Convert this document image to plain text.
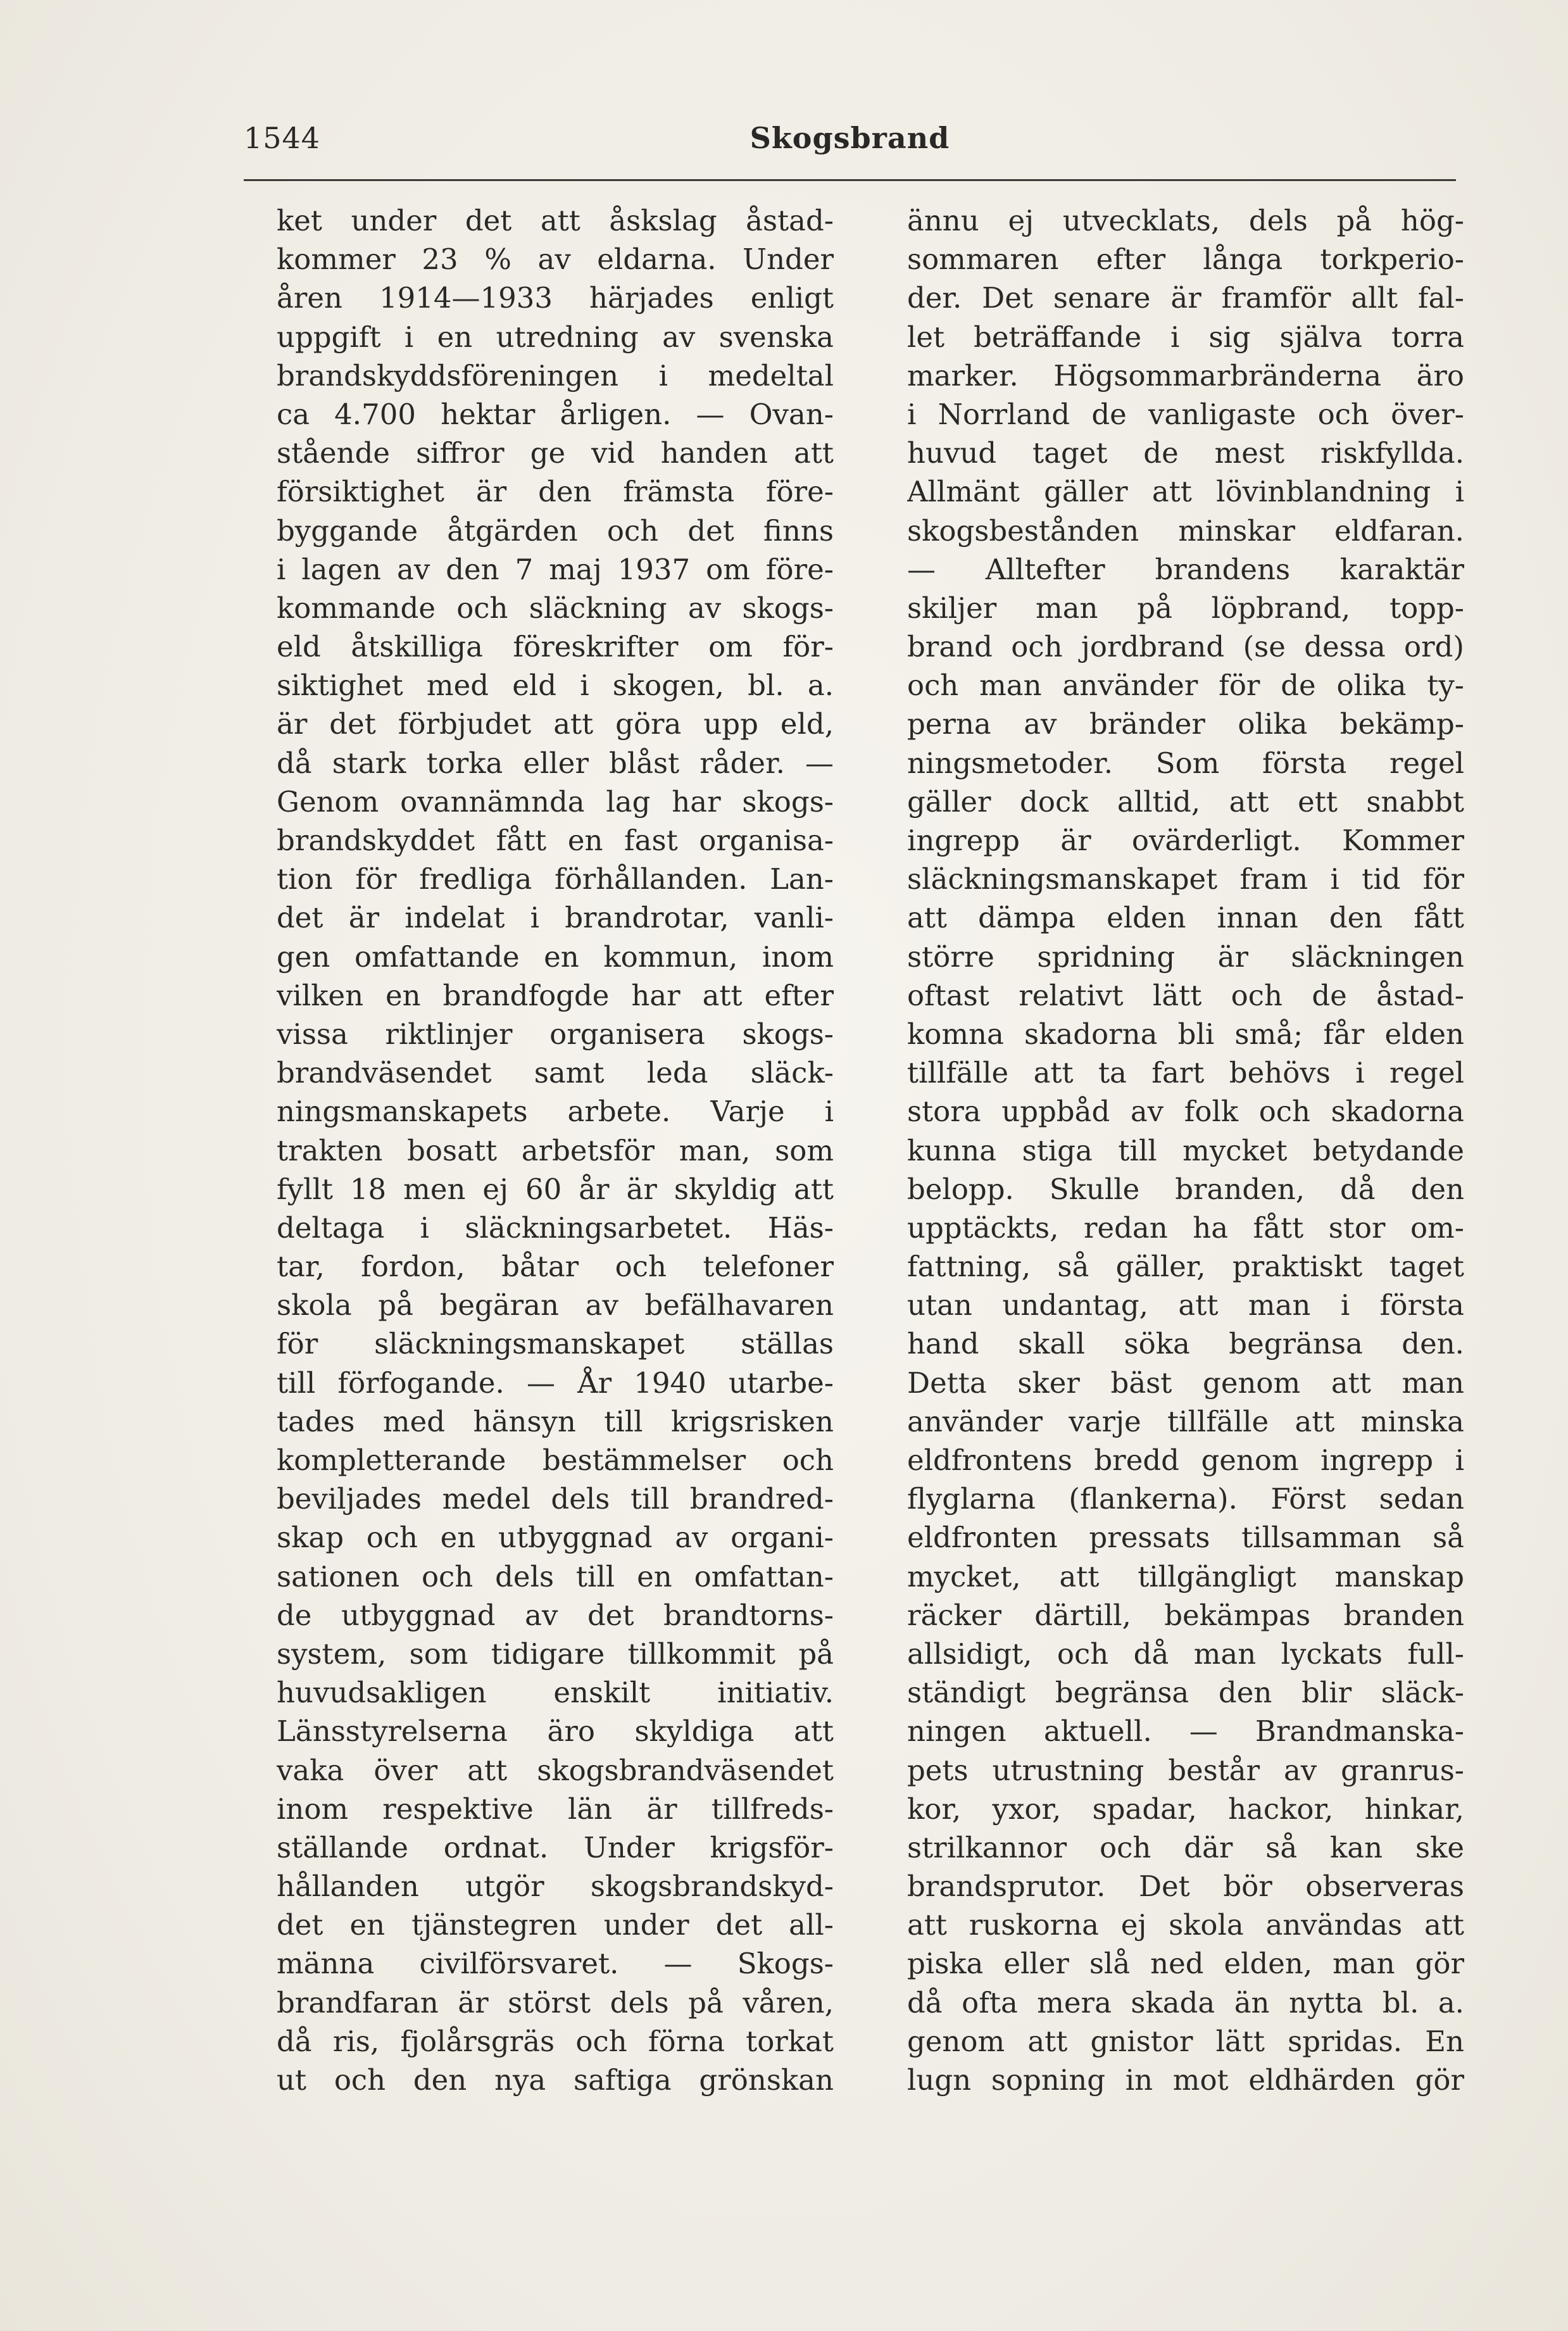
1544	Skogsbrand
ket under det att åskslag åstad-
kommer 23 % av eldarna. Under
åren 1914—1933 härjades enligt
uppgift i en utredning av svenska
brandskyddsföreningen i medeltal
ca 4.700 hektar årligen. — Ovan-
stående siffror ge vid handen att
försiktighet är den främsta före-
byggande åtgärden och det finns
i lagen av den 7 maj 1937 om före-
kommande och släckning av skogs-
eld åtskilliga föreskrifter om för-
siktighet med eld i skogen, bl. a.
är det förbjudet att göra upp eld,
då stark torka eller blåst råder. —
Genom ovannämnda lag har skogs-
brandskyddet fått en fast organisa-
tion för fredliga förhållanden. Lan-
det är indelat i brandrotar, vanli-
gen omfattande en kommun, inom
vilken en brandfogde har att efter
vissa riktlinjer organisera skogs-
brandväsendet samt leda släck-
ningsmanskapets arbete. Varje i
trakten bosatt arbetsför man, som
fyllt 18 men ej 60 år är skyldig att
deltaga i släckningsarbetet. Häs-
tar, fordon, båtar och telefoner
skola på begäran av befälhavaren
för släckningsmanskapet ställas
till förfogande. — År 1940 utarbe-
tades med hänsyn till krigsrisken
kompletterande bestämmelser och
beviljades medel dels till brandred-
skap och en utbyggnad av organi-
sationen och dels till en omfattan-
de utbyggnad av det brandtorns-
system, som tidigare tillkommit på
huvudsakligen enskilt initiativ.
Länsstyrelserna äro skyldiga att
vaka över att skogsbrandväsendet
inom respektive län är tillfreds-
ställande ordnat. Under krigsför-
hållanden utgör skogsbrandskyd-
det en tjänstegren under det all-
männa civilförsvaret. — Skogs-
brandfaran är störst dels på våren,
då ris, fjolårsgräs och förna torkat
ut och den nya saftiga grönskan
ännu ej utvecklats, dels på hög-
sommaren efter långa torkperio-
der. Det senare är framför allt fal-
let beträffande i sig själva torra
marker. Högsommarbränderna äro
i Norrland de vanligaste och över-
huvud taget de mest riskfyllda.
Allmänt gäller att lövinblandning i
skogsbestånden minskar eldfaran.
— Alltefter brandens karaktär
skiljer man på löpbrand, topp-
brand och jordbrand (se dessa ord)
och man använder för de olika ty-
perna av bränder olika bekämp-
ningsmetoder. Som första regel
gäller dock alltid, att ett snabbt
ingrepp är ovärderligt. Kommer
släckningsmanskapet fram i tid för
att dämpa elden innan den fått
större spridning är släckningen
oftast relativt lätt och de åstad-
komna skadorna bli små; får elden
tillfälle att ta fart behövs i regel
stora uppbåd av folk och skadorna
kunna stiga till mycket betydande
belopp. Skulle branden, då den
upptäckts, redan ha fått stor om-
fattning, så gäller, praktiskt taget
utan undantag, att man i första
hand skall söka begränsa den.
Detta sker bäst genom att man
använder varje tillfälle att minska
eldfrontens bredd genom ingrepp i
flyglarna (flankerna). Först sedan
eldfronten pressats tillsamman så
mycket, att tillgängligt manskap
räcker därtill, bekämpas branden
allsidigt, och då man lyckats full-
ständigt begränsa den blir släck-
ningen aktuell. — Brandmanska-
pets utrustning består av granrus-
kor, yxor, spadar, hackor, hinkar,
strilkannor och där så kan ske
brandsprutor. Det bör observeras
att ruskorna ej skola användas att
piska eller slå ned elden, man gör
då ofta mera skada än nytta bl. a.
genom att gnistor lätt spridas. En
lugn sopning in mot eldhärden gör
